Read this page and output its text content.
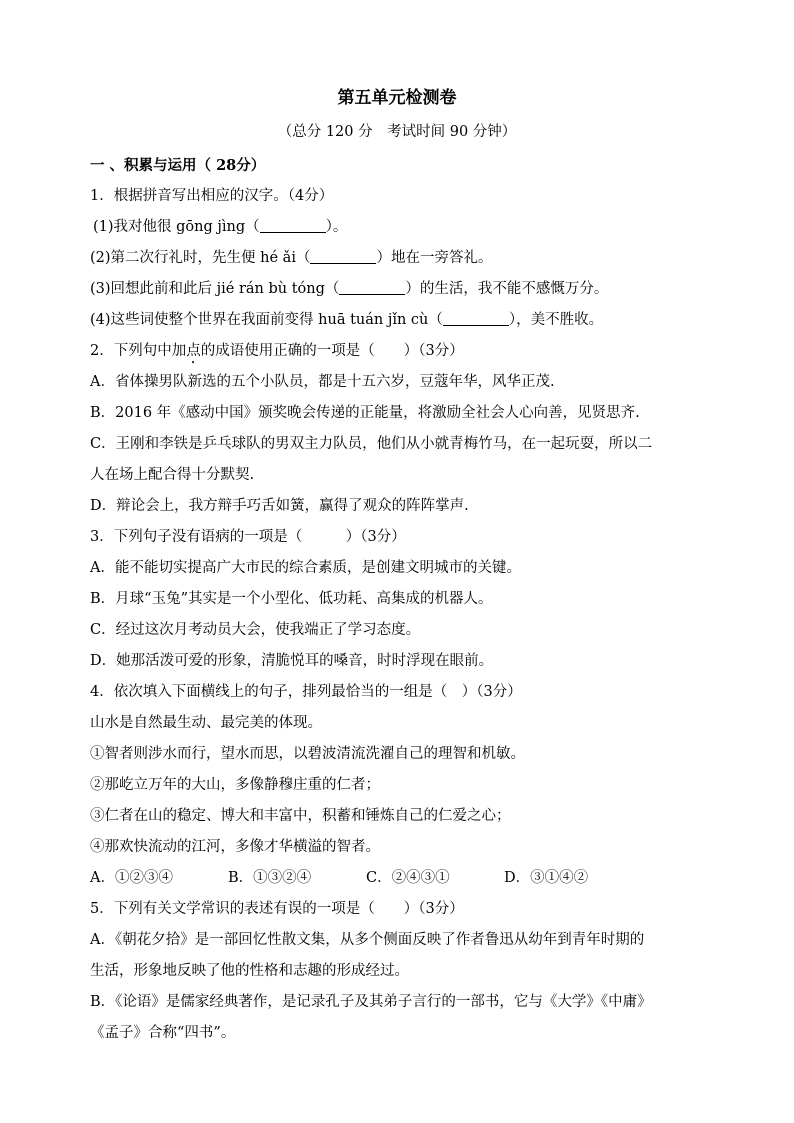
第五单元检测卷
（总分 120 分　考试时间 90 分钟）
一 、积累与运用（ 28分）
1．根据拼音写出相应的汉字。（4分）
(1)我对他很 gōng jìng（	）。
(2)第二次行礼时，先生便 hé ǎi（	）地在一旁答礼。
(3)回想此前和此后 jié rán bù tóng（	）的生活，我不能不感慨万分。
(4)这些词使整个世界在我面前变得 huā tuán jǐn cù（	），美不胜收。
2．下列句中加点的成语使用正确的一项是（　　）（3分）
A．省体操男队新选的五个小队员，都是十五六岁，豆蔻年华，风华正茂.
B．2016 年《感动中国》颁奖晚会传递的正能量，将激励全社会人心向善，见贤思齐.
C．王刚和李铁是乒乓球队的男双主力队员，他们从小就青梅竹马，在一起玩耍，所以二
人在场上配合得十分默契.
D．辩论会上，我方辩手巧舌如簧，赢得了观众的阵阵掌声.
3．下列句子没有语病的一项是（　　　）（3分）
A．能不能切实提高广大市民的综合素质，是创建文明城市的关键。
B．月球“玉兔”其实是一个小型化、低功耗、高集成的机器人。
C．经过这次月考动员大会，使我端正了学习态度。
D．她那活泼可爱的形象，清脆悦耳的嗓音，时时浮现在眼前。
4．依次填入下面横线上的句子，排列最恰当的一组是（　）（3分）
山水是自然最生动、最完美的体现。
①智者则涉水而行，望水而思，以碧波清流洗濯自己的理智和机敏。
②那屹立万年的大山，多像静穆庄重的仁者；
③仁者在山的稳定、博大和丰富中，积蓄和锤炼自己的仁爱之心；
④那欢快流动的江河，多像才华横溢的智者。
A．①②③④	B．①③②④	C．②④③①	D．③①④②
5．下列有关文学常识的表述有误的一项是（　　）（3分）
A．《朝花夕拾》是一部回忆性散文集，从多个侧面反映了作者鲁迅从幼年到青年时期的
生活，形象地反映了他的性格和志趣的形成经过。
B．《论语》是儒家经典著作，是记录孔子及其弟子言行的一部书，它与《大学》《中庸》
《孟子》合称“四书”。
